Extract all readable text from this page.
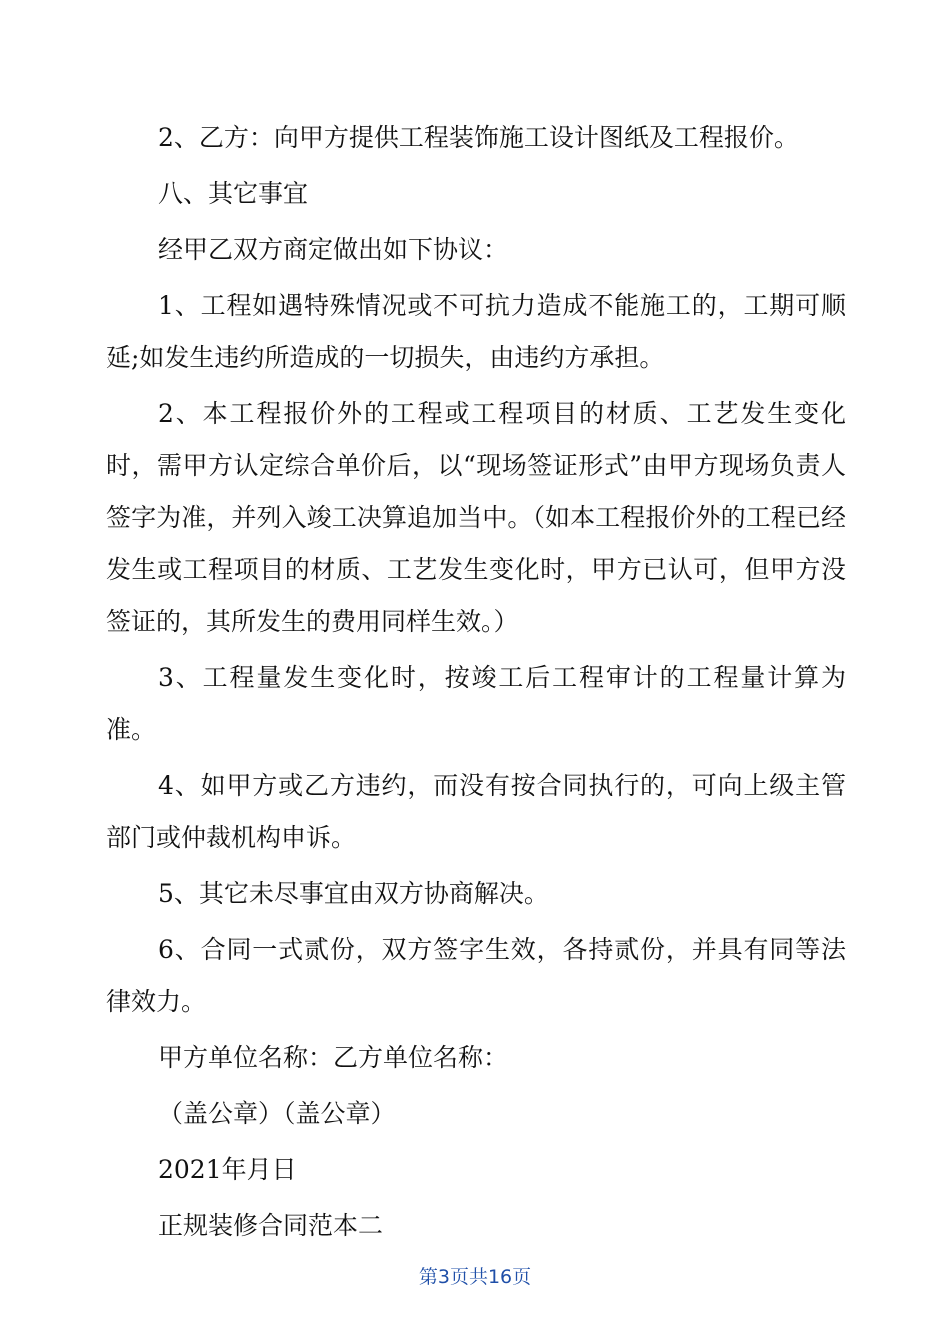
2、乙方：向甲方提供工程装饰施工设计图纸及工程报价。

八、其它事宜

经甲乙双方商定做出如下协议：

1、工程如遇特殊情况或不可抗力造成不能施工的，工期可顺延;如发生违约所造成的一切损失，由违约方承担。

2、本工程报价外的工程或工程项目的材质、工艺发生变化时，需甲方认定综合单价后，以“现场签证形式”由甲方现场负责人签字为准，并列入竣工决算追加当中。（如本工程报价外的工程已经发生或工程项目的材质、工艺发生变化时，甲方已认可，但甲方没签证的，其所发生的费用同样生效。）

3、工程量发生变化时，按竣工后工程审计的工程量计算为准。

4、如甲方或乙方违约，而没有按合同执行的，可向上级主管部门或仲裁机构申诉。

5、其它未尽事宜由双方协商解决。

6、合同一式贰份，双方签字生效，各持贰份，并具有同等法律效力。

甲方单位名称：乙方单位名称：

（盖公章）（盖公章）

2021年月日

正规装修合同范本二

第3页共16页
